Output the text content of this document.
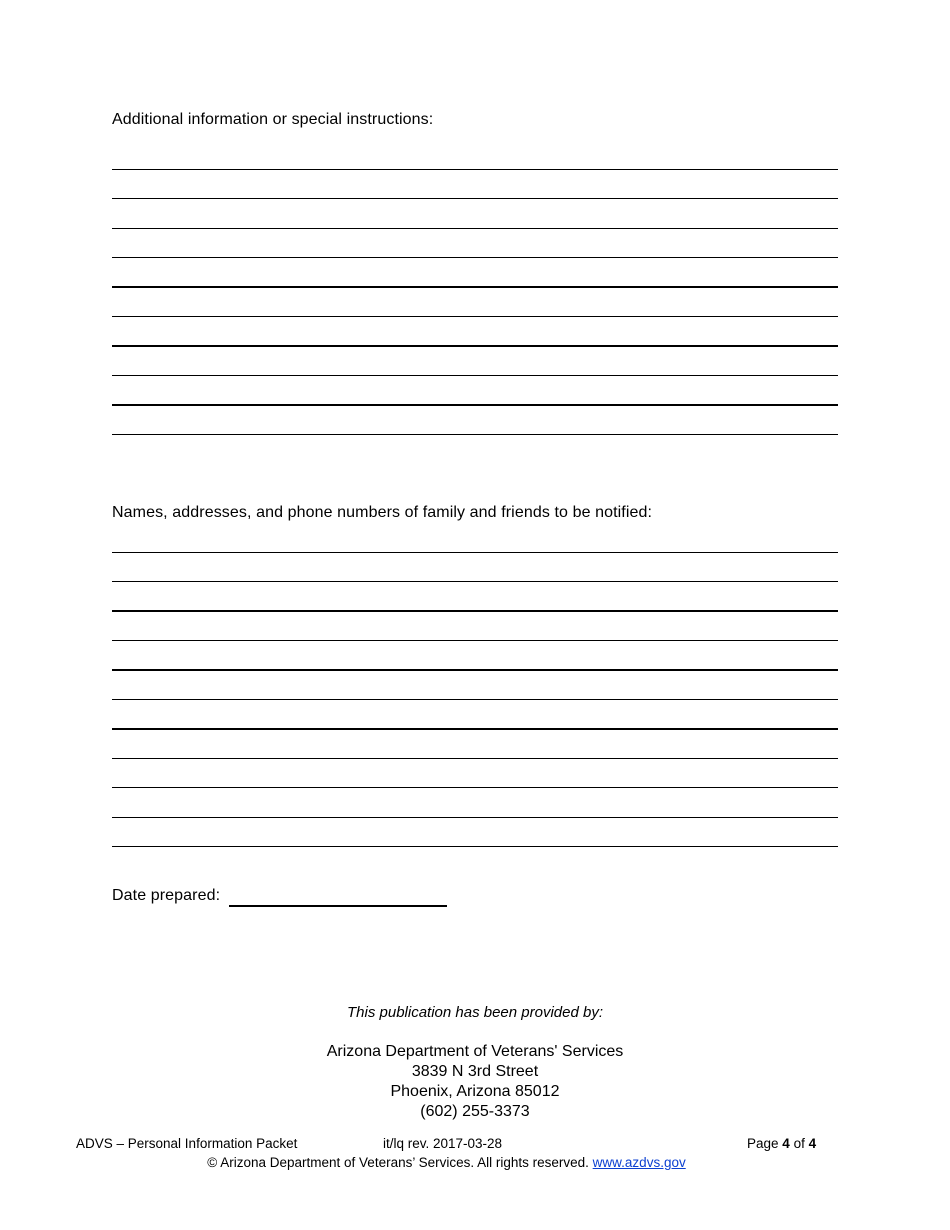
Additional information or special instructions:
Names, addresses, and phone numbers of family and friends to be notified:
Date prepared:
This publication has been provided by:
Arizona Department of Veterans' Services
3839 N 3rd Street
Phoenix, Arizona 85012
(602) 255-3373
ADVS – Personal Information Packet	it/lq rev. 2017-03-28	Page 4 of 4
© Arizona Department of Veterans’ Services. All rights reserved. www.azdvs.gov
